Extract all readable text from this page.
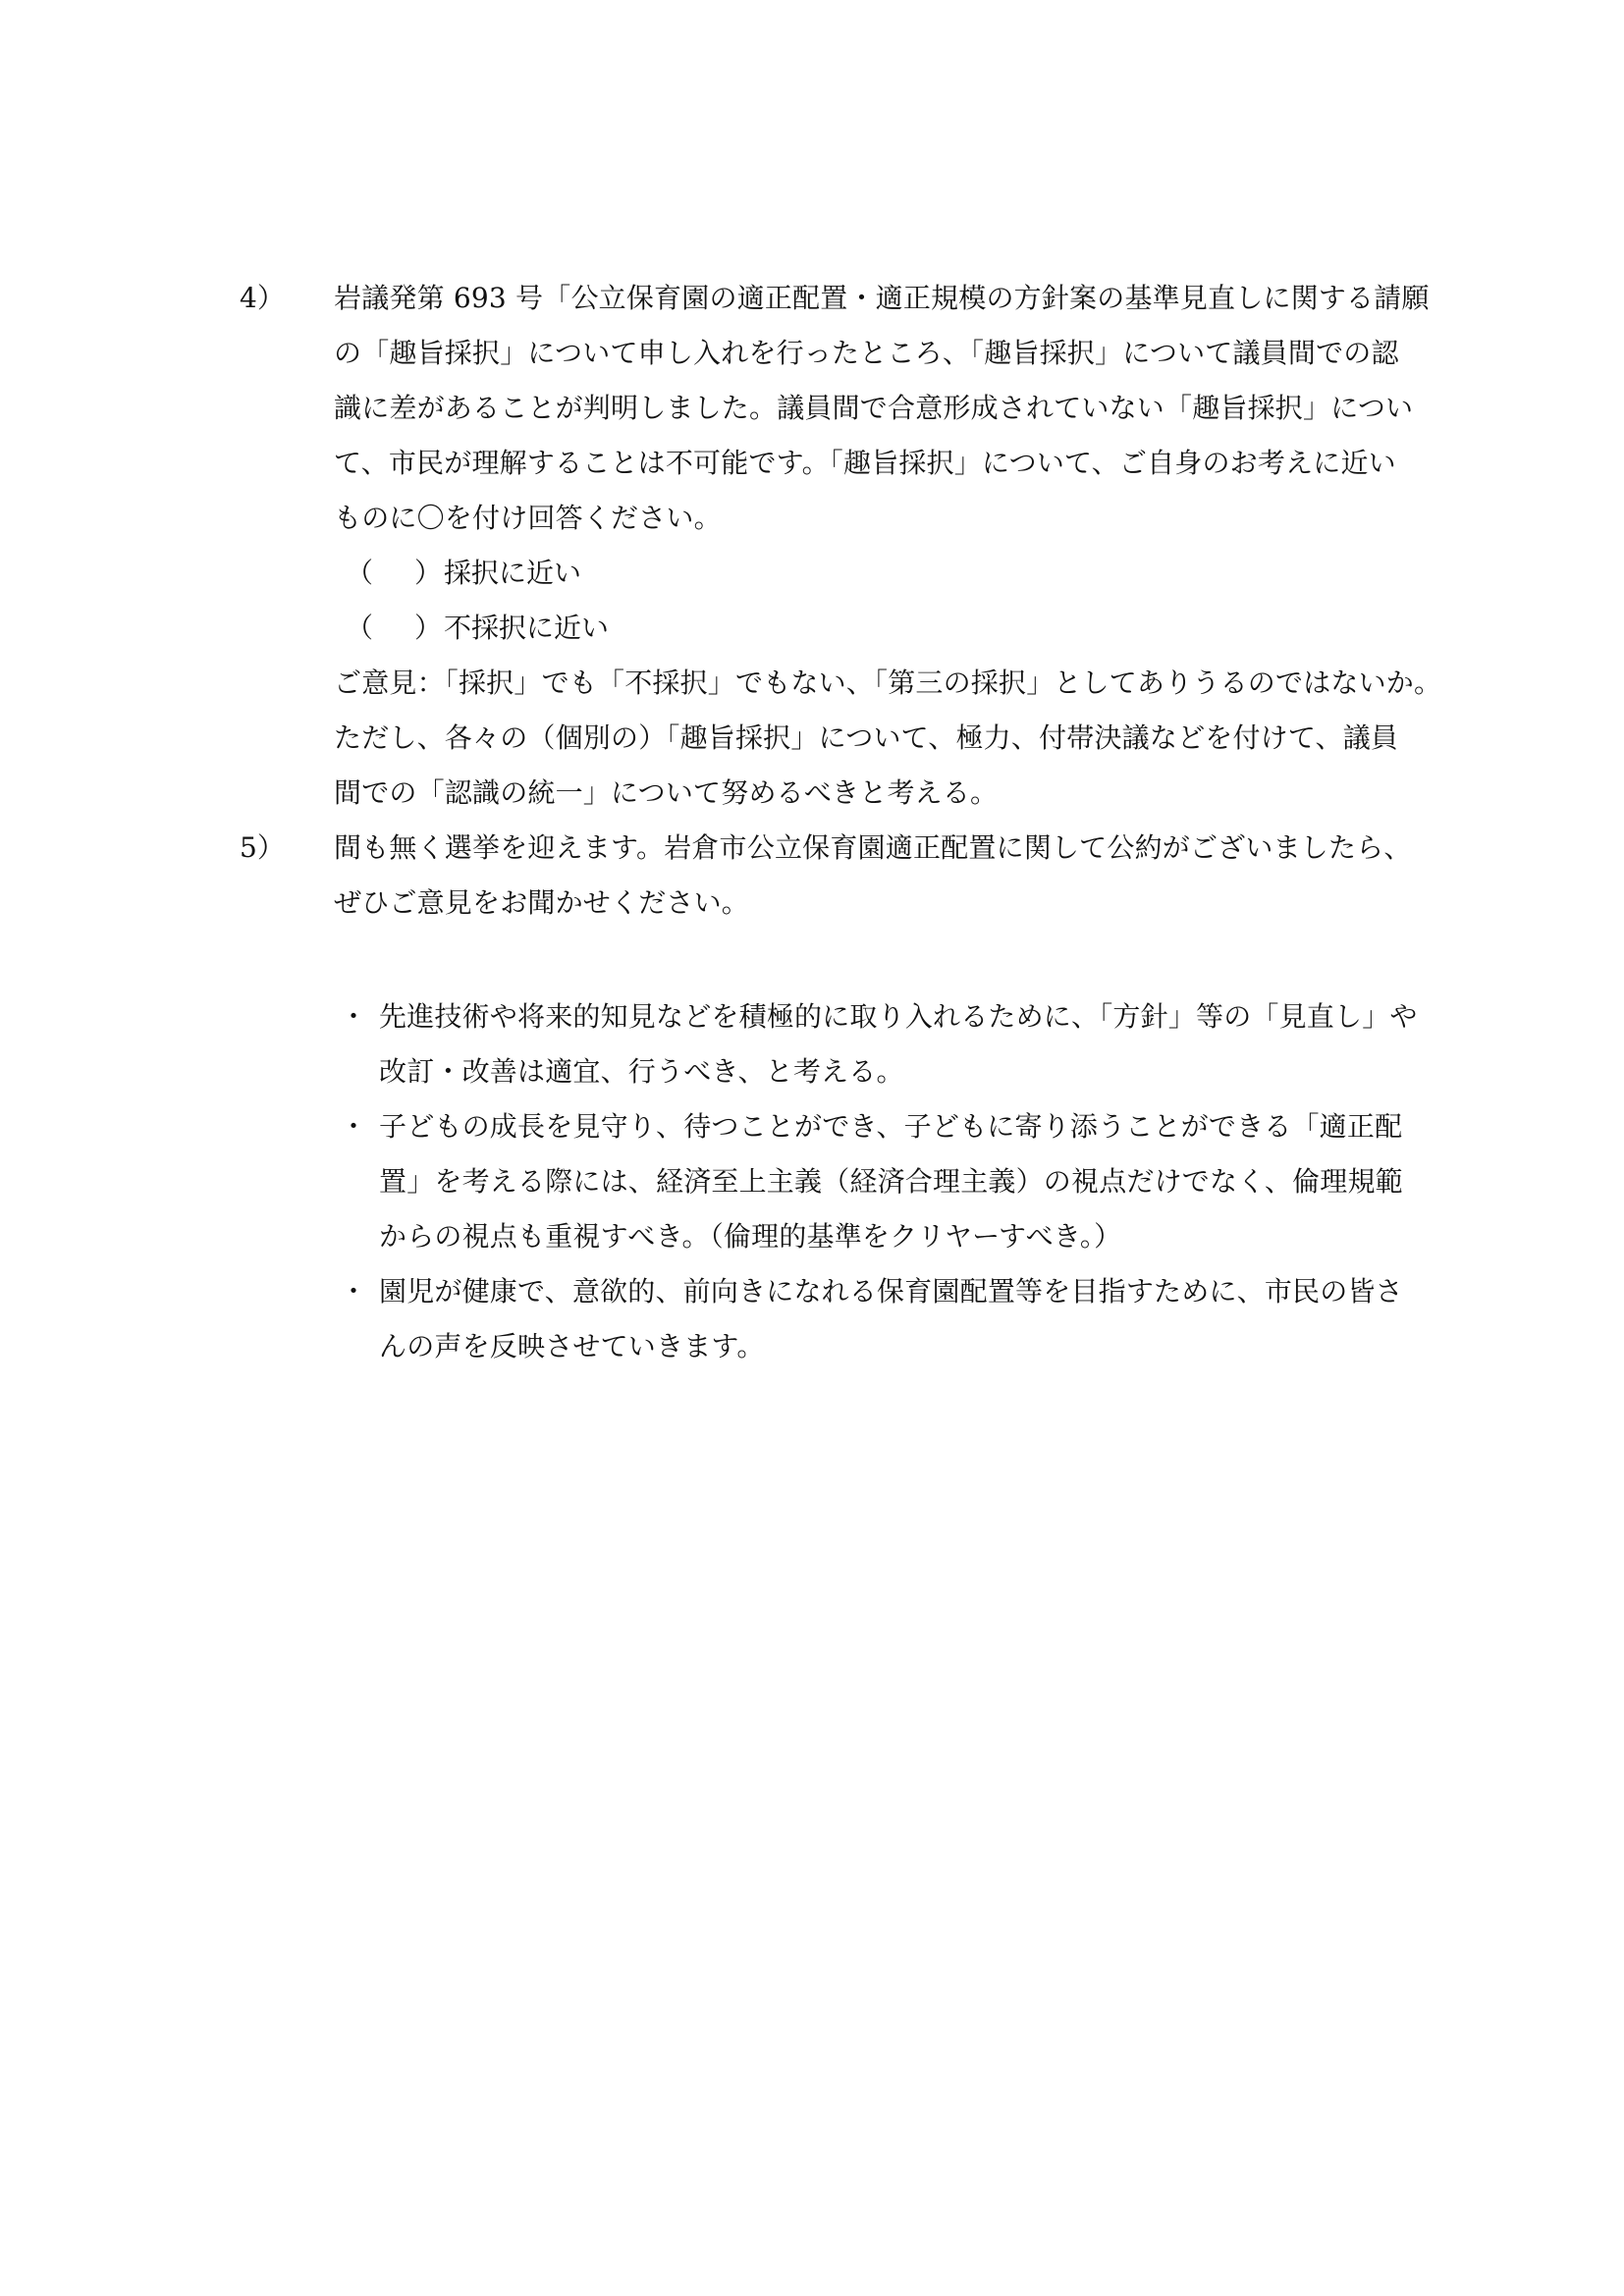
4） 岩議発第 693 号「公立保育園の適正配置・適正規模の方針案の基準見直しに関する請願
の「趣旨採択」について申し入れを行ったところ、「趣旨採択」について議員間での認
識に差があることが判明しました。議員間で合意形成されていない「趣旨採択」につい
て、市民が理解することは不可能です。「趣旨採択」について、ご自身のお考えに近い
ものに〇を付け回答ください。
（ ）採択に近い
（ ）不採択に近い
ご意見：「採択」でも「不採択」でもない、「第三の採択」としてありうるのではないか。
ただし、各々の（個別の）「趣旨採択」について、極力、付帯決議などを付けて、議員
間での「認識の統一」について努めるべきと考える。
5） 間も無く選挙を迎えます。岩倉市公立保育園適正配置に関して公約がございましたら、
ぜひご意見をお聞かせください。
・ 先進技術や将来的知見などを積極的に取り入れるために、「方針」等の「見直し」や
改訂・改善は適宜、行うべき、と考える。
・ 子どもの成長を見守り、待つことができ、子どもに寄り添うことができる「適正配
置」を考える際には、経済至上主義（経済合理主義）の視点だけでなく、倫理規範
からの視点も重視すべき。（倫理的基準をクリヤーすべき。）
・ 園児が健康で、意欲的、前向きになれる保育園配置等を目指すために、市民の皆さ
んの声を反映させていきます。
